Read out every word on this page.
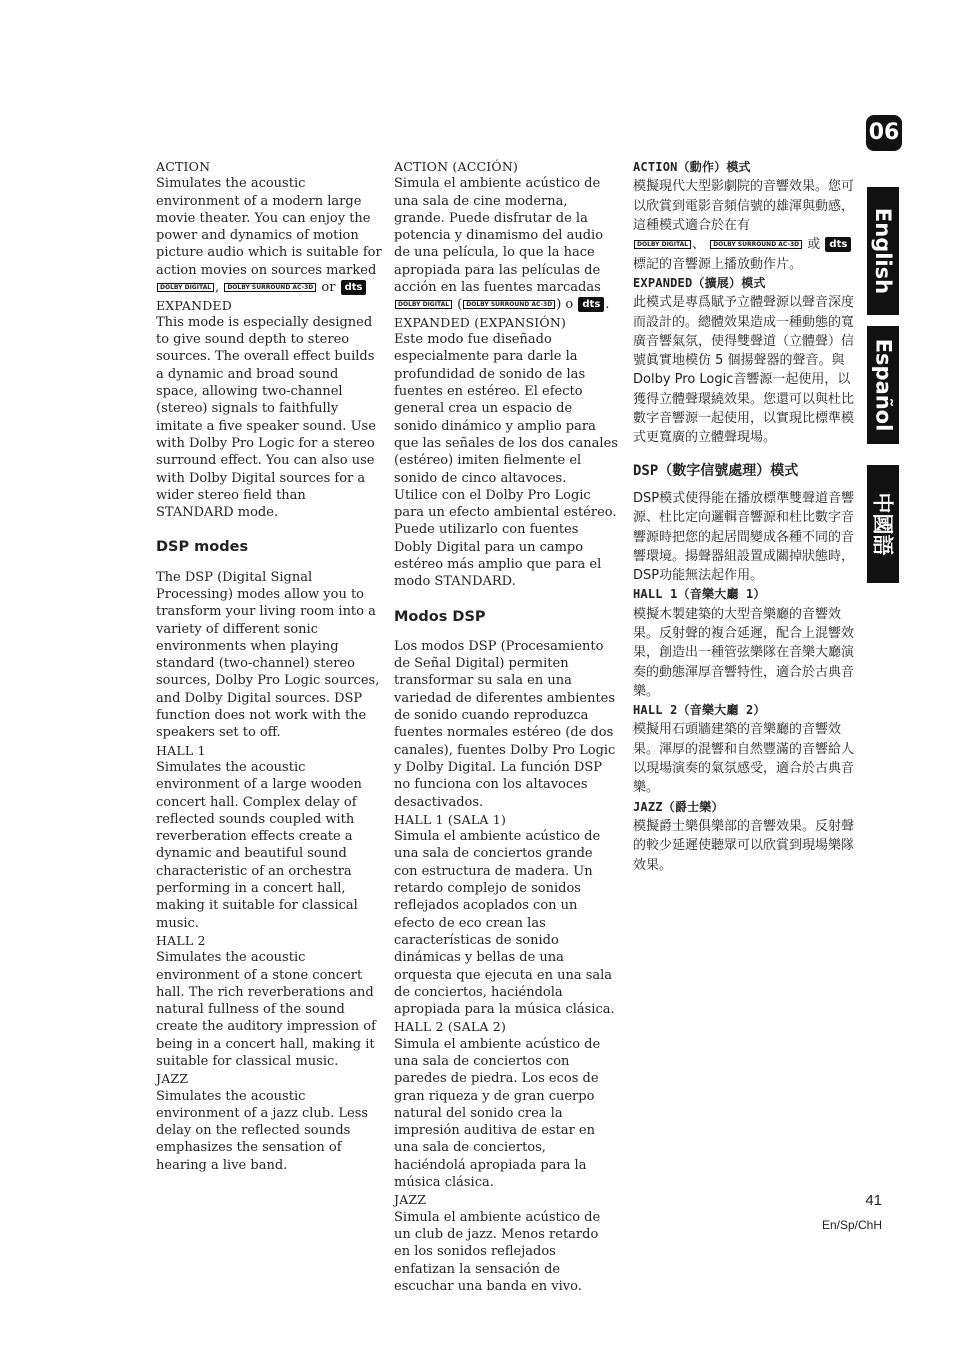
06
English
Español
中國語
ACTION

Simulates the acoustic environment of a modern large movie theater. You can enjoy the power and dynamics of motion picture audio which is suitable for action movies on sources marked DOLBY DIGITAL , DOLBY SURROUND AC-3D or dts

EXPANDED

This mode is especially designed to give sound depth to stereo sources. The overall effect builds a dynamic and broad sound space, allowing two-channel (stereo) signals to faithfully imitate a five speaker sound. Use with Dolby Pro Logic for a stereo surround effect. You can also use with Dolby Digital sources for a wider stereo field than STANDARD mode.

DSP modes

The DSP (Digital Signal Processing) modes allow you to transform your living room into a variety of different sonic environments when playing standard (two-channel) stereo sources, Dolby Pro Logic sources, and Dolby Digital sources. DSP function does not work with the speakers set to off.

HALL 1

Simulates the acoustic environment of a large wooden concert hall. Complex delay of reflected sounds coupled with reverberation effects create a dynamic and beautiful sound characteristic of an orchestra performing in a concert hall, making it suitable for classical music.

HALL 2

Simulates the acoustic environment of a stone concert hall. The rich reverberations and natural fullness of the sound create the auditory impression of being in a concert hall, making it suitable for classical music.

JAZZ

Simulates the acoustic environment of a jazz club. Less delay on the reflected sounds emphasizes the sensation of hearing a live band.

ACTION (ACCIÓN)

Simula el ambiente acústico de una sala de cine moderna, grande. Puede disfrutar de la potencia y dinamismo del audio de una película, lo que la hace apropiada para las películas de acción en las fuentes marcadas DOLBY DIGITAL ( DOLBY SURROUND AC-3D ) o dts .

EXPANDED (EXPANSIÓN)

Este modo fue diseñado especialmente para darle la profundidad de sonido de las fuentes en estéreo. El efecto general crea un espacio de sonido dinámico y amplio para que las señales de los dos canales (estéreo) imiten fielmente el sonido de cinco altavoces.

Utilice con el Dolby Pro Logic para un efecto ambiental estéreo. Puede utilizarlo con fuentes Dobly Digital para un campo estéreo más amplio que para el modo STANDARD.

Modos DSP

Los modos DSP (Procesamiento de Señal Digital) permiten transformar su sala en una variedad de diferentes ambientes de sonido cuando reproduzca fuentes normales estéreo (de dos canales), fuentes Dolby Pro Logic y Dolby Digital. La función DSP no funciona con los altavoces desactivados.

HALL 1 (SALA 1)

Simula el ambiente acústico de una sala de conciertos grande con estructura de madera. Un retardo complejo de sonidos reflejados acoplados con un efecto de eco crean las características de sonido dinámicas y bellas de una orquesta que ejecuta en una sala de conciertos, haciéndola apropiada para la música clásica.

HALL 2 (SALA 2)

Simula el ambiente acústico de una sala de conciertos con paredes de piedra. Los ecos de gran riqueza y de gran cuerpo natural del sonido crea la impresión auditiva de estar en una sala de conciertos, haciéndolá apropiada para la música clásica.

JAZZ

Simula el ambiente acústico de un club de jazz. Menos retardo en los sonidos reflejados enfatizan la sensación de escuchar una banda en vivo.

ACTION（動作）模式

模擬現代大型影劇院的音響效果。您可以欣賞到電影音頻信號的雄渾與動感，這種模式適合於在有 DOLBY DIGITAL 、 DOLBY SURROUND AC-3D 或 dts 標記的音響源上播放動作片。

EXPANDED（擴展）模式

此模式是專爲賦予立體聲源以聲音深度而設計的。總體效果造成一種動態的寬廣音響氣氛，使得雙聲道（立體聲）信號眞實地模仿 5 個揚聲器的聲音。與Dolby Pro Logic音響源一起使用，以獲得立體聲環繞效果。您還可以與杜比數字音響源一起使用，以實現比標準模式更寬廣的立體聲現場。

DSP（數字信號處理）模式

DSP模式使得能在播放標準雙聲道音響源、杜比定向邏輯音響源和杜比數字音響源時把您的起居間變成各種不同的音響環境。揚聲器組設置成關掉狀態時，DSP功能無法起作用。

HALL 1（音樂大廳 1）

模擬木製建築的大型音樂廳的音響效果。反射聲的複合延遲，配合上混響效果，創造出一種管弦樂隊在音樂大廳演奏的動態渾厚音響特性，適合於古典音樂。

HALL 2（音樂大廳 2）

模擬用石頭牆建築的音樂廳的音響效果。渾厚的混響和自然豐滿的音響給人以現場演奏的氣氛感受，適合於古典音樂。

JAZZ（爵士樂）

模擬爵士樂俱樂部的音響效果。反射聲的較少延遲使聽眾可以欣賞到現場樂隊效果。

41
En/Sp/ChH
